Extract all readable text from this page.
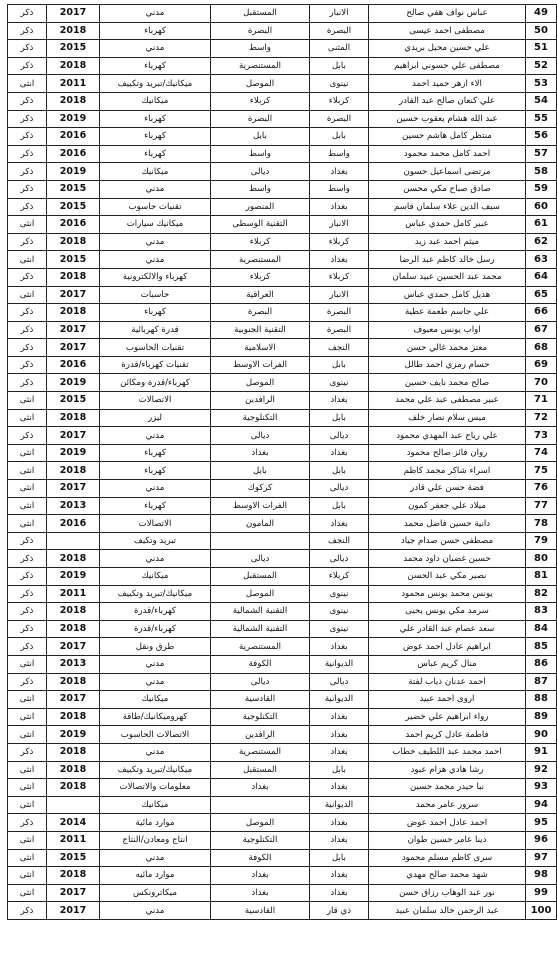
ذكر	2017	مدني	المستقبل	الانبار	عباس نواف هفي صالح	49
ذكر	2018	كهرباء	البصرة	البصرة	مصطفى احمد عيسى	50
ذكر	2015	مدني	واسط	المثنى	علي حسين محيل بريدي	51
ذكر	2018	كهرباء	المستنصرية	بابل	مصطفى علي حسوني ابراهيم	52
انثى	2011	ميكانيك/تبريد وتكييف	الموصل	نينوى	الاء ازهر حميد احمد	53
ذكر	2018	ميكانيك	كربلاء	كربلاء	علي كنعان صالح عبد القادر	54
ذكر	2019	كهرباء	البصرة	البصرة	عبد الله هشام يعقوب حسين	55
ذكر	2016	كهرباء	بابل	بابل	منتظر كامل هاشم حسين	56
ذكر	2016	كهرباء	واسط	واسط	احمد كامل محمد محمود	57
ذكر	2019	ميكانيك	ديالى	بغداد	مرتضى اسماعيل حسون	58
ذكر	2015	مدني	واسط	واسط	صادق صباح مكي محسن	59
ذكر	2015	تقنيات حاسوب	المنصور	بغداد	سيف الدين علاء سلمان قاسم	60
انثى	2016	ميكانيك سيارات	التقنية الوسطى	الانبار	عبير كامل حمدي عباس	61
ذكر	2018	مدني	كربلاء	كربلاء	ميثم احمد عبد زيد	62
انثى	2015	مدني	المستنصرية	بغداد	رسل خالد كاظم عبد الرضا	63
ذكر	2018	كهرباء والالكترونية	كربلاء	كربلاء	محمد عبد الحسين عبيد سلمان	64
انثى	2017	حاسبات	العراقية	الانبار	هديل كامل حمدي عباس	65
ذكر	2018	كهرباء	البصرة	البصرة	علي جاسم طعمة عطية	66
ذكر	2017	قدرة كهربائية	التقنية الجنوبية	البصرة	اواب يونس معيوف	67
ذكر	2017	تقنيات الحاسوب	الاسلامية	النجف	معتز محمد غالي حسن	68
ذكر	2016	تقنيات كهرباء/قدرة	الفرات الاوسط	بابل	حسام رمزي احمد طالل	69
ذكر	2019	كهرباء/قدرة ومكائن	الموصل	نينوى	صالح محمد نايف حسين	70
انثى	2015	الاتصالات	الرافدين	بغداد	عبير مصطفى عبد علي محمد	71
انثى	2018	ليزر	التكنلوجية	بابل	ميس سلام نصار خلف	72
ذكر	2017	مدني	ديالى	ديالى	علي رياح عبد المهدي محمود	73
انثى	2019	كهرباء	بغداد	بغداد	روان فائز صالح محمود	74
انثى	2018	كهرباء	بابل	بابل	اسراء شاكر محمد كاظم	75
انثى	2017	مدني	كركوك	ديالى	فضة حسن علي قادر	76
انثى	2013	كهرباء	الفرات الاوسط	بابل	ميلاد علي جعفر كمون	77
انثى	2016	الاتصالات	المامون	بغداد	دانية حسين فاضل محمد	78
ذكر		تبريد وتكيف		النجف	مصطفى حسن صدام جياد	79
ذكر	2018	مدني	ديالى	ديالى	حسين غضبان داود محمد	80
ذكر	2019	ميكانيك	المستقبل	كربلاء	نصير مكي عبد الحسن	81
ذكر	2011	ميكانيك/تبريد وتكييف	الموصل	نينوى	يونس محمد يونس محمود	82
ذكر	2018	كهرباء/قدرة	التقنية الشمالية	نينوى	سرمد مكي يونس يحيى	83
ذكر	2018	كهرباء/قدرة	التقنية الشمالية	نينوى	سعد عصام عبد القادر علي	84
ذكر	2017	طرق ونقل	المستنصرية	بغداد	ابراهيم عادل احمد عوض	85
انثى	2013	مدني	الكوفة	الديوانية	منال كريم عباس	86
ذكر	2018	مدني	ديالى	ديالى	احمد عدنان ذياب لفتة	87
انثى	2017	ميكانيك	القادسية	الديوانية	اروى احمد عبيد	88
انثى	2018	كهروميكانيك/طاقة	التكنلوجية	بغداد	رواء ابراهيم علي خضير	89
انثى	2019	الاتصالات الحاسوب	الرافدين	بغداد	فاطمة عادل كريم احمد	90
ذكر	2018	مدني	المستنصرية	بغداد	احمد محمد عبد اللطيف خطاب	91
انثى	2018	ميكانيك/تبريد وتكييف	المستقبل	بابل	رشا هادي هزام عبود	92
انثى	2018	معلومات والاتصالات	بغداد	بغداد	نبا حيدر محمد حسين	93
انثى		ميكانيك		الديوانية	سرور عامر محمد	94
ذكر	2014	موارد مائية	الموصل	بغداد	احمد عادل احمد عوض	95
انثى	2011	انتاج ومعادن/النتاج	التكنلوجية	بغداد	دينا عامر حسين طوان	96
انثى	2015	مدني	الكوفة	بابل	سرى كاظم مسلم محمود	97
انثى	2018	موارد مائيه	بغداد	بغداد	شهد محمد صالح مهدي	98
انثى	2017	ميكاترونكس	بغداد	بغداد	نور عبد الوهاب رزاق حسن	99
ذكر	2017	مدني	القادسية	ذي قار	عبد الرحمن خالد سلمان عبيد	100
